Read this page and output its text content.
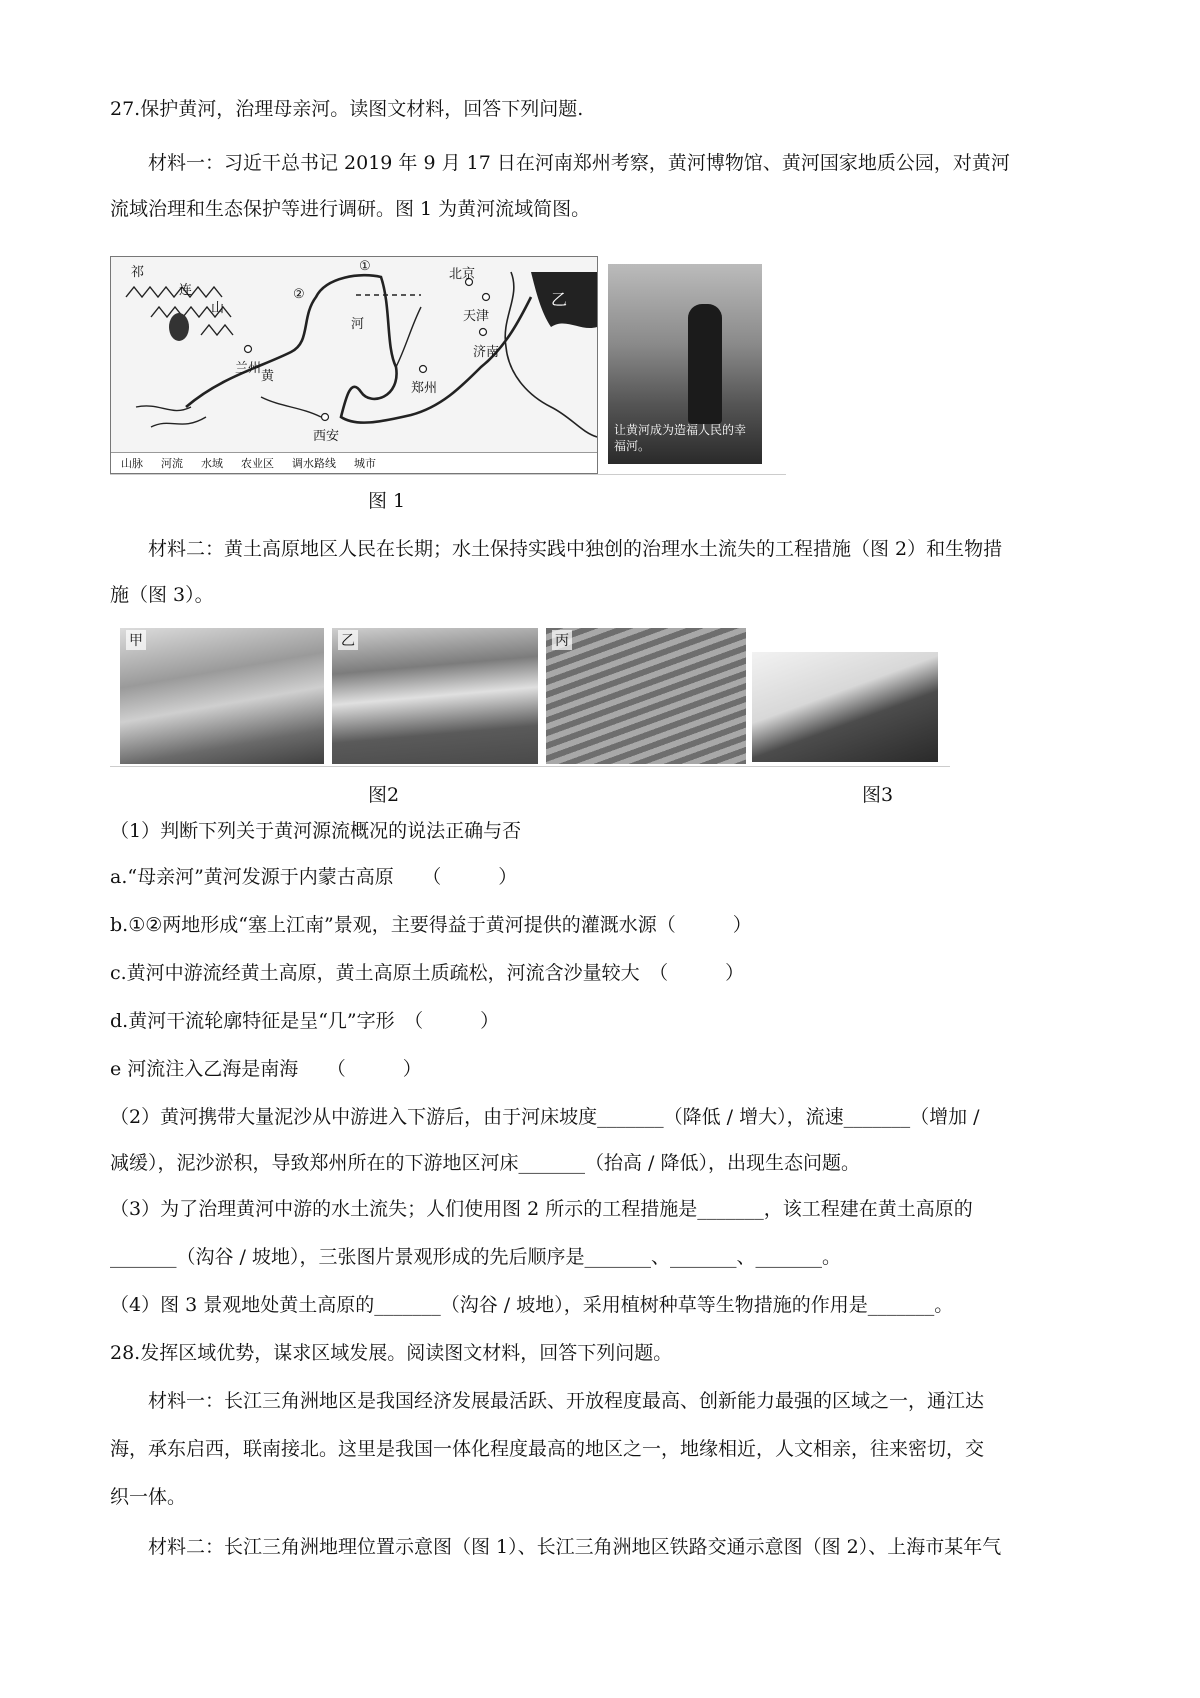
27.保护黄河，治理母亲河。读图文材料，回答下列问题.
材料一：习近干总书记 2019 年 9 月 17 日在河南郑州考察，黄河博物馆、黄河国家地质公园，对黄河
流域治理和生态保护等进行调研。图 1 为黄河流域简图。
祁
连
山
①
②
北京
天津
乙
黄
河
兰州
西安
郑州
济南
山脉 河流 水域 农业区 调水路线 城市
让黄河成为造福人民的幸福河。
图 1
材料二：黄土高原地区人民在长期；水土保持实践中独创的治理水土流失的工程措施（图 2）和生物措
施（图 3）。
甲	乙	丙
图2	图3
（1）判断下列关于黄河源流概况的说法正确与否
a.“母亲河”黄河发源于内蒙古高原　　（　　　）
b.①②两地形成“塞上江南”景观，主要得益于黄河提供的灌溉水源（　　　）
c.黄河中游流经黄土高原，黄土高原土质疏松，河流含沙量较大　（　　　）
d.黄河干流轮廓特征是呈“几”字形　（　　　）
e 河流注入乙海是南海　　（　　　）
（2）黄河携带大量泥沙从中游进入下游后，由于河床坡度_______（降低 / 增大），流速_______（增加 /
减缓），泥沙淤积，导致郑州所在的下游地区河床_______（抬高 / 降低），出现生态问题。
（3）为了治理黄河中游的水土流失；人们使用图 2 所示的工程措施是_______，该工程建在黄土高原的
_______（沟谷 / 坡地），三张图片景观形成的先后顺序是_______、_______、_______。
（4）图 3 景观地处黄土高原的_______（沟谷 / 坡地），采用植树种草等生物措施的作用是_______。
28.发挥区域优势，谋求区域发展。阅读图文材料，回答下列问题。
材料一：长江三角洲地区是我国经济发展最活跃、开放程度最高、创新能力最强的区域之一，通江达
海，承东启西，联南接北。这里是我国一体化程度最高的地区之一，地缘相近，人文相亲，往来密切，交
织一体。
材料二：长江三角洲地理位置示意图（图 1）、长江三角洲地区铁路交通示意图（图 2）、上海市某年气
